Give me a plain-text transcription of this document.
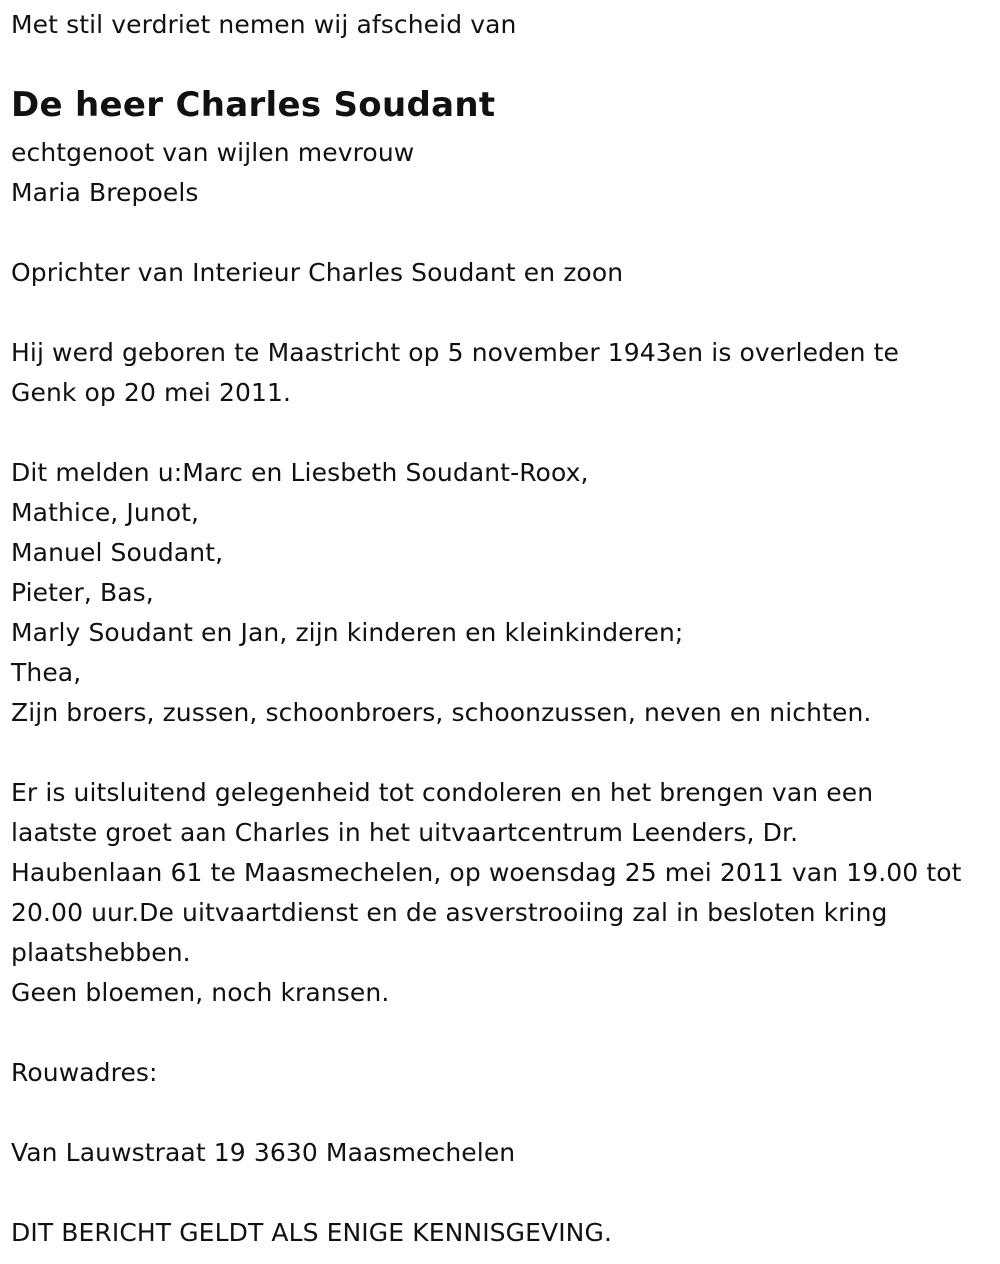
Met stil verdriet nemen wij afscheid van
De heer Charles Soudant
echtgenoot van wijlen mevrouw
Maria Brepoels
Oprichter van Interieur Charles Soudant en zoon
Hij werd geboren te Maastricht op 5 november 1943en is overleden te
Genk op 20 mei 2011.
Dit melden u:Marc en Liesbeth Soudant-Roox,
Mathice, Junot,
Manuel Soudant,
Pieter, Bas,
Marly Soudant en Jan, zijn kinderen en kleinkinderen;
Thea,
Zijn broers, zussen, schoonbroers, schoonzussen, neven en nichten.
Er is uitsluitend gelegenheid tot condoleren en het brengen van een
laatste groet aan Charles in het uitvaartcentrum Leenders, Dr.
Haubenlaan 61 te Maasmechelen, op woensdag 25 mei 2011 van 19.00 tot
20.00 uur.De uitvaartdienst en de asverstrooiing zal in besloten kring
plaatshebben.
Geen bloemen, noch kransen.
Rouwadres:
Van Lauwstraat 19 3630 Maasmechelen
DIT BERICHT GELDT ALS ENIGE KENNISGEVING.
